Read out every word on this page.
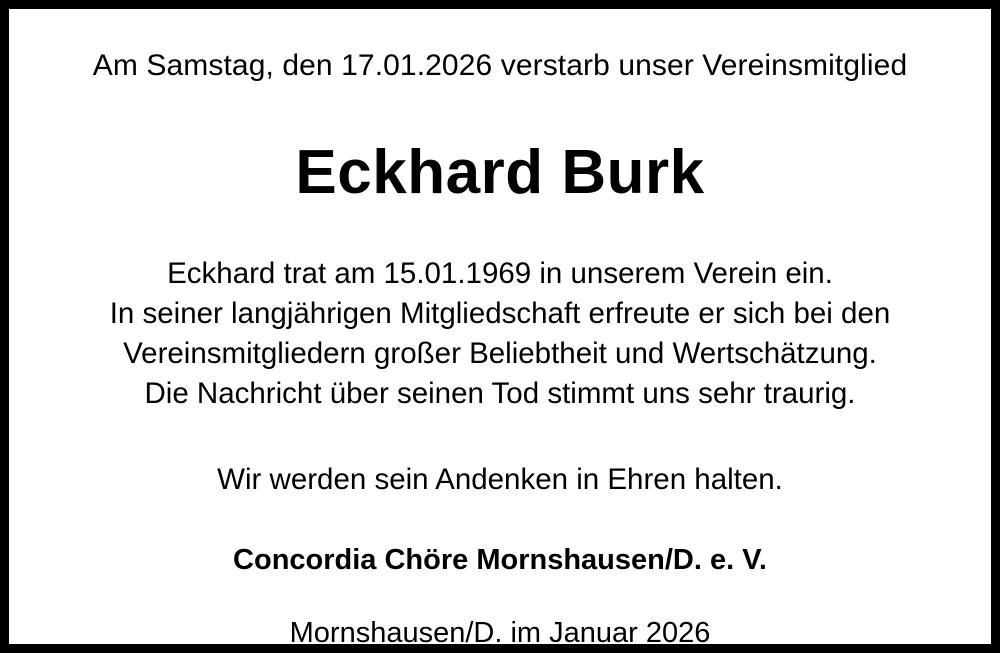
Am Samstag, den 17.01.2026 verstarb unser Vereinsmitglied
Eckhard Burk
Eckhard trat am 15.01.1969 in unserem Verein ein.
In seiner langjährigen Mitgliedschaft erfreute er sich bei den
Vereinsmitgliedern großer Beliebtheit und Wertschätzung.
Die Nachricht über seinen Tod stimmt uns sehr traurig.
Wir werden sein Andenken in Ehren halten.
Concordia Chöre Mornshausen/D. e. V.
Mornshausen/D. im Januar 2026
